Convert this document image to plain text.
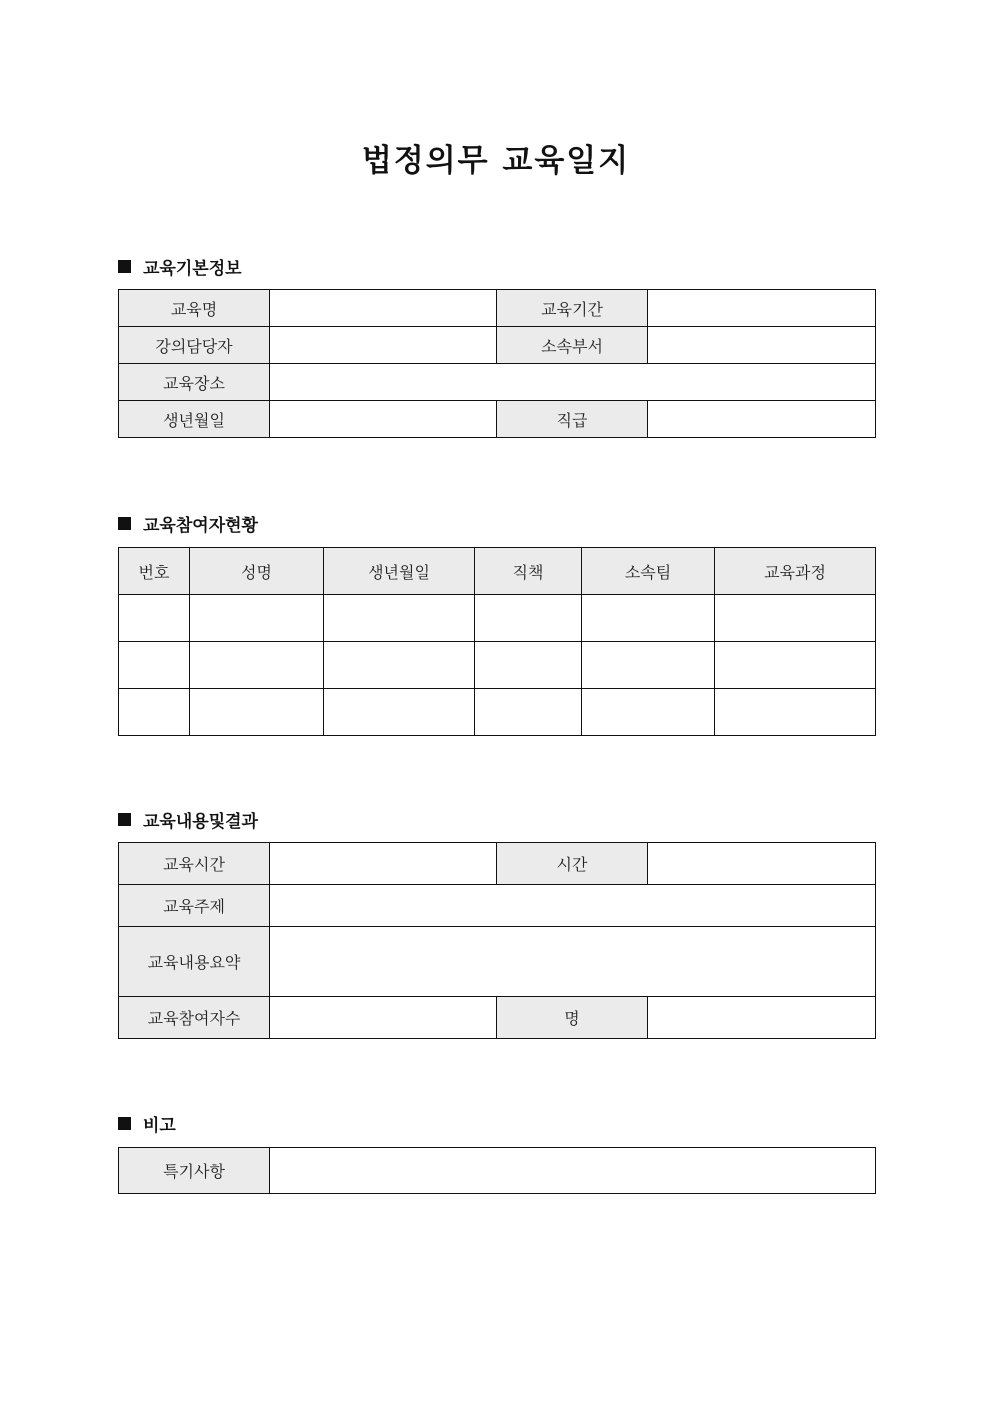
법정의무 교육일지
교육기본정보
교육명		교육기간	
강의담당자		소속부서	
교육장소			
생년월일		직급	
교육참여자현황
번호	성명	생년월일	직책	소속팀	교육과정

교육내용및결과
교육시간		시간	
교육주제			
교육내용요약			
교육참여자수		명	
비고
특기사항	
